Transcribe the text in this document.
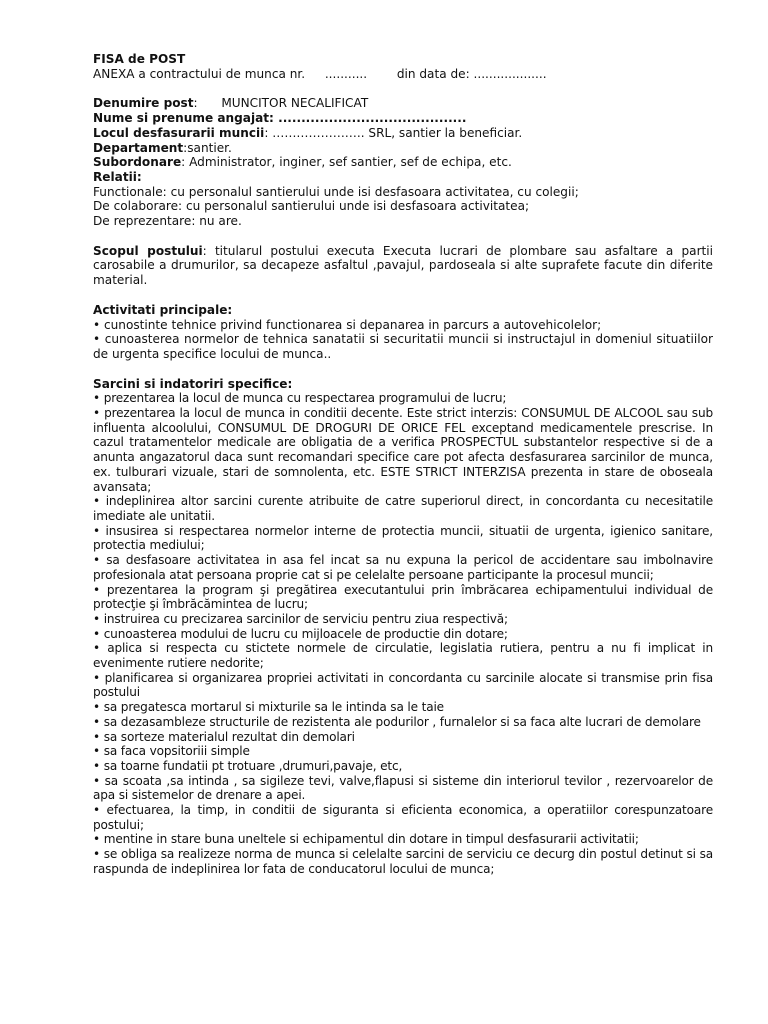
FISA de POST
ANEXA a contractului de munca nr. ........... din data de: ...................
Denumire post: MUNCITOR NECALIFICAT
Nume si prenume angajat: .........................................
Locul desfasurarii muncii: ………………….. SRL, santier la beneficiar.
Departament:santier.
Subordonare: Administrator, inginer, sef santier, sef de echipa, etc.
Relatii:
Functionale: cu personalul santierului unde isi desfasoara activitatea, cu colegii;
De colaborare: cu personalul santierului unde isi desfasoara activitatea;
De reprezentare: nu are.
Scopul postului: titularul postului executa Executa lucrari de plombare sau asfaltare a partii carosabile a drumurilor, sa decapeze asfaltul ,pavajul, pardoseala si alte suprafete facute din diferite material.
Activitati principale:
• cunostinte tehnice privind functionarea si depanarea in parcurs a autovehicolelor;
• cunoasterea normelor de tehnica sanatatii si securitatii muncii si instructajul in domeniul situatiilor de urgenta specifice locului de munca..
Sarcini si indatoriri specifice:
• prezentarea la locul de munca cu respectarea programului de lucru;
• prezentarea la locul de munca in conditii decente. Este strict interzis: CONSUMUL DE ALCOOL sau sub influenta alcoolului, CONSUMUL DE DROGURI DE ORICE FEL exceptand medicamentele prescrise. In cazul tratamentelor medicale are obligatia de a verifica PROSPECTUL substantelor respective si de a anunta angazatorul daca sunt recomandari specifice care pot afecta desfasurarea sarcinilor de munca, ex. tulburari vizuale, stari de somnolenta, etc. ESTE STRICT INTERZISA prezenta in stare de oboseala avansata;
• indeplinirea altor sarcini curente atribuite de catre superiorul direct, in concordanta cu necesitatile imediate ale unitatii.
• insusirea si respectarea normelor interne de protectia muncii, situatii de urgenta, igienico sanitare, protectia mediului;
• sa desfasoare activitatea in asa fel incat sa nu expuna la pericol de accidentare sau imbolnavire profesionala atat persoana proprie cat si pe celelalte persoane participante la procesul muncii;
• prezentarea la program şi pregătirea executantului prin îmbrăcarea echipamentului individual de protecţie şi îmbrăcămintea de lucru;
• instruirea cu precizarea sarcinilor de serviciu pentru ziua respectivă;
• cunoasterea modului de lucru cu mijloacele de productie din dotare;
• aplica si respecta cu stictete normele de circulatie, legislatia rutiera, pentru a nu fi implicat in evenimente rutiere nedorite;
• planificarea si organizarea propriei activitati in concordanta cu sarcinile alocate si transmise prin fisa postului
• sa pregatesca mortarul si mixturile sa le intinda sa le taie
• sa dezasambleze structurile de rezistenta ale podurilor , furnalelor si sa faca alte lucrari de demolare
• sa sorteze materialul rezultat din demolari
• sa faca vopsitoriii simple
• sa toarne fundatii pt trotuare ,drumuri,pavaje, etc,
• sa scoata ,sa intinda , sa sigileze tevi, valve,flapusi si sisteme din interiorul tevilor , rezervoarelor de apa si sistemelor de drenare a apei.
• efectuarea, la timp, in conditii de siguranta si eficienta economica, a operatiilor corespunzatoare postului;
• mentine in stare buna uneltele si echipamentul din dotare in timpul desfasurarii activitatii;
• se obliga sa realizeze norma de munca si celelalte sarcini de serviciu ce decurg din postul detinut si sa raspunda de indeplinirea lor fata de conducatorul locului de munca;
